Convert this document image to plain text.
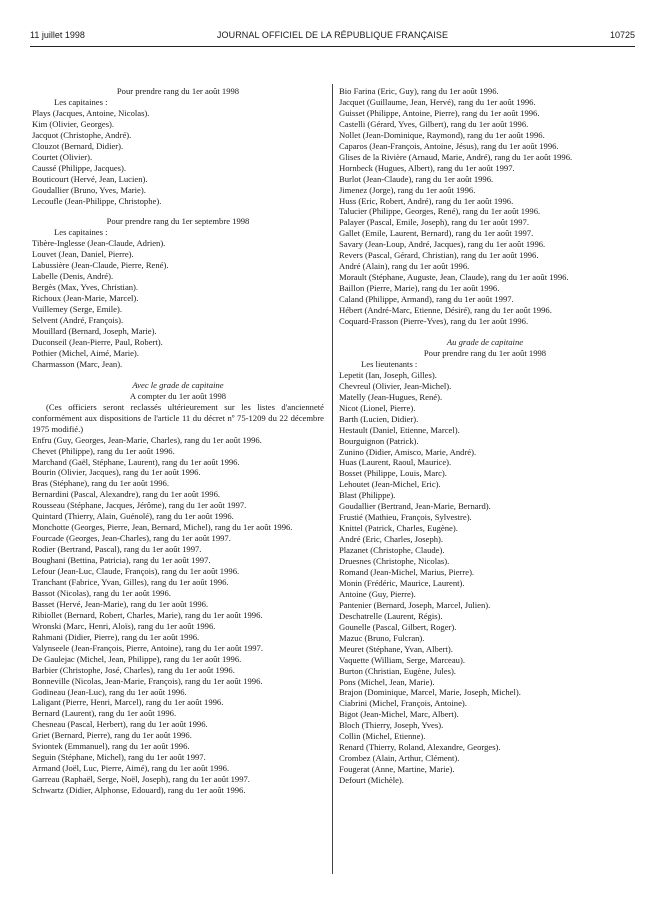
11 juillet 1998	JOURNAL OFFICIEL DE LA RÉPUBLIQUE FRANÇAISE	10725

Pour prendre rang du 1er août 1998

Les capitaines :

Plays (Jacques, Antoine, Nicolas).

Kim (Olivier, Georges).

Jacquot (Christophe, André).

Clouzot (Bernard, Didier).

Courtet (Olivier).

Caussé (Philippe, Jacques).

Bouticourt (Hervé, Jean, Lucien).

Goudallier (Bruno, Yves, Marie).

Lecoufle (Jean-Philippe, Christophe).

Pour prendre rang du 1er septembre 1998

Les capitaines :

Tibère-Inglesse (Jean-Claude, Adrien).

Louvet (Jean, Daniel, Pierre).

Labussière (Jean-Claude, Pierre, René).

Labelle (Denis, André).

Bergès (Max, Yves, Christian).

Richoux (Jean-Marie, Marcel).

Vuillemey (Serge, Emile).

Selvent (André, François).

Mouillard (Bernard, Joseph, Marie).

Duconseil (Jean-Pierre, Paul, Robert).

Pothier (Michel, Aimé, Marie).

Charmasson (Marc, Jean).

Avec le grade de capitaine

A compter du 1er août 1998

(Ces officiers seront reclassés ultérieurement sur les listes d'ancienneté conformément aux dispositions de l'article 11 du décret nº 75-1209 du 22 décembre 1975 modifié.)

Enfru (Guy, Georges, Jean-Marie, Charles), rang du 1er août 1996.

Chevet (Philippe), rang du 1er août 1996.

Marchand (Gaël, Stéphane, Laurent), rang du 1er août 1996.

Bourin (Olivier, Jacques), rang du 1er août 1996.

Bras (Stéphane), rang du 1er août 1996.

Bernardini (Pascal, Alexandre), rang du 1er août 1996.

Rousseau (Stéphane, Jacques, Jérôme), rang du 1er août 1997.

Quintard (Thierry, Alain, Guénolé), rang du 1er août 1996.

Monchotte (Georges, Pierre, Jean, Bernard, Michel), rang du 1er août 1996.

Fourcade (Georges, Jean-Charles), rang du 1er août 1997.

Rodier (Bertrand, Pascal), rang du 1er août 1997.

Boughani (Bettina, Patricia), rang du 1er août 1997.

Lefour (Jean-Luc, Claude, François), rang du 1er août 1996.

Tranchant (Fabrice, Yvan, Gilles), rang du 1er août 1996.

Bassot (Nicolas), rang du 1er août 1996.

Basset (Hervé, Jean-Marie), rang du 1er août 1996.

Ribiollet (Bernard, Robert, Charles, Marie), rang du 1er août 1996.

Wronski (Marc, Henri, Aloïs), rang du 1er août 1996.

Rahmani (Didier, Pierre), rang du 1er août 1996.

Valynseele (Jean-François, Pierre, Antoine), rang du 1er août 1997.

De Gaulejac (Michel, Jean, Philippe), rang du 1er août 1996.

Barbier (Christophe, José, Charles), rang du 1er août 1996.

Bonneville (Nicolas, Jean-Marie, François), rang du 1er août 1996.

Godineau (Jean-Luc), rang du 1er août 1996.

Laligant (Pierre, Henri, Marcel), rang du 1er août 1996.

Bernard (Laurent), rang du 1er août 1996.

Chesneau (Pascal, Herbert), rang du 1er août 1996.

Griet (Bernard, Pierre), rang du 1er août 1996.

Sviontek (Emmanuel), rang du 1er août 1996.

Seguin (Stéphane, Michel), rang du 1er août 1997.

Armand (Joël, Luc, Pierre, Aimé), rang du 1er août 1996.

Garreau (Raphaël, Serge, Noël, Joseph), rang du 1er août 1997.

Schwartz (Didier, Alphonse, Edouard), rang du 1er août 1996.

Bio Farina (Eric, Guy), rang du 1er août 1996.

Jacquet (Guillaume, Jean, Hervé), rang du 1er août 1996.

Guisset (Philippe, Antoine, Pierre), rang du 1er août 1996.

Castelli (Gérard, Yves, Gilbert), rang du 1er août 1996.

Nollet (Jean-Dominique, Raymond), rang du 1er août 1996.

Caparos (Jean-François, Antoine, Jésus), rang du 1er août 1996.

Glises de la Rivière (Arnaud, Marie, André), rang du 1er août 1996.

Hornbeck (Hugues, Albert), rang du 1er août 1997.

Burlot (Jean-Claude), rang du 1er août 1996.

Jimenez (Jorge), rang du 1er août 1996.

Huss (Eric, Robert, André), rang du 1er août 1996.

Talucier (Philippe, Georges, René), rang du 1er août 1996.

Palayer (Pascal, Emile, Joseph), rang du 1er août 1997.

Gallet (Emile, Laurent, Bernard), rang du 1er août 1997.

Savary (Jean-Loup, André, Jacques), rang du 1er août 1996.

Revers (Pascal, Gérard, Christian), rang du 1er août 1996.

André (Alain), rang du 1er août 1996.

Morault (Stéphane, Auguste, Jean, Claude), rang du 1er août 1996.

Baillon (Pierre, Marie), rang du 1er août 1996.

Caland (Philippe, Armand), rang du 1er août 1997.

Hébert (André-Marc, Etienne, Désiré), rang du 1er août 1996.

Coquard-Frasson (Pierre-Yves), rang du 1er août 1996.

Au grade de capitaine

Pour prendre rang du 1er août 1998

Les lieutenants :

Lepetit (Ian, Joseph, Gilles).

Chevreul (Olivier, Jean-Michel).

Matelly (Jean-Hugues, René).

Nicot (Lionel, Pierre).

Barth (Lucien, Didier).

Hestault (Daniel, Etienne, Marcel).

Bourguignon (Patrick).

Zunino (Didier, Amisco, Marie, André).

Huas (Laurent, Raoul, Maurice).

Bosset (Philippe, Louis, Marc).

Lehoutet (Jean-Michel, Eric).

Blast (Philippe).

Goudallier (Bertrand, Jean-Marie, Bernard).

Frustié (Mathieu, François, Sylvestre).

Knittel (Patrick, Charles, Eugène).

André (Eric, Charles, Joseph).

Plazanet (Christophe, Claude).

Druesnes (Christophe, Nicolas).

Romand (Jean-Michel, Marius, Pierre).

Monin (Frédéric, Maurice, Laurent).

Antoine (Guy, Pierre).

Pantenier (Bernard, Joseph, Marcel, Julien).

Deschatrelle (Laurent, Régis).

Gounelle (Pascal, Gilbert, Roger).

Mazuc (Bruno, Fulcran).

Meuret (Stéphane, Yvan, Albert).

Vaquette (William, Serge, Marceau).

Burton (Christian, Eugène, Jules).

Pons (Michel, Jean, Marie).

Brajon (Dominique, Marcel, Marie, Joseph, Michel).

Ciabrini (Michel, François, Antoine).

Bigot (Jean-Michel, Marc, Albert).

Bloch (Thierry, Joseph, Yves).

Collin (Michel, Etienne).

Renard (Thierry, Roland, Alexandre, Georges).

Crombez (Alain, Arthur, Clément).

Fougerat (Anne, Martine, Marie).

Defourt (Michèle).
